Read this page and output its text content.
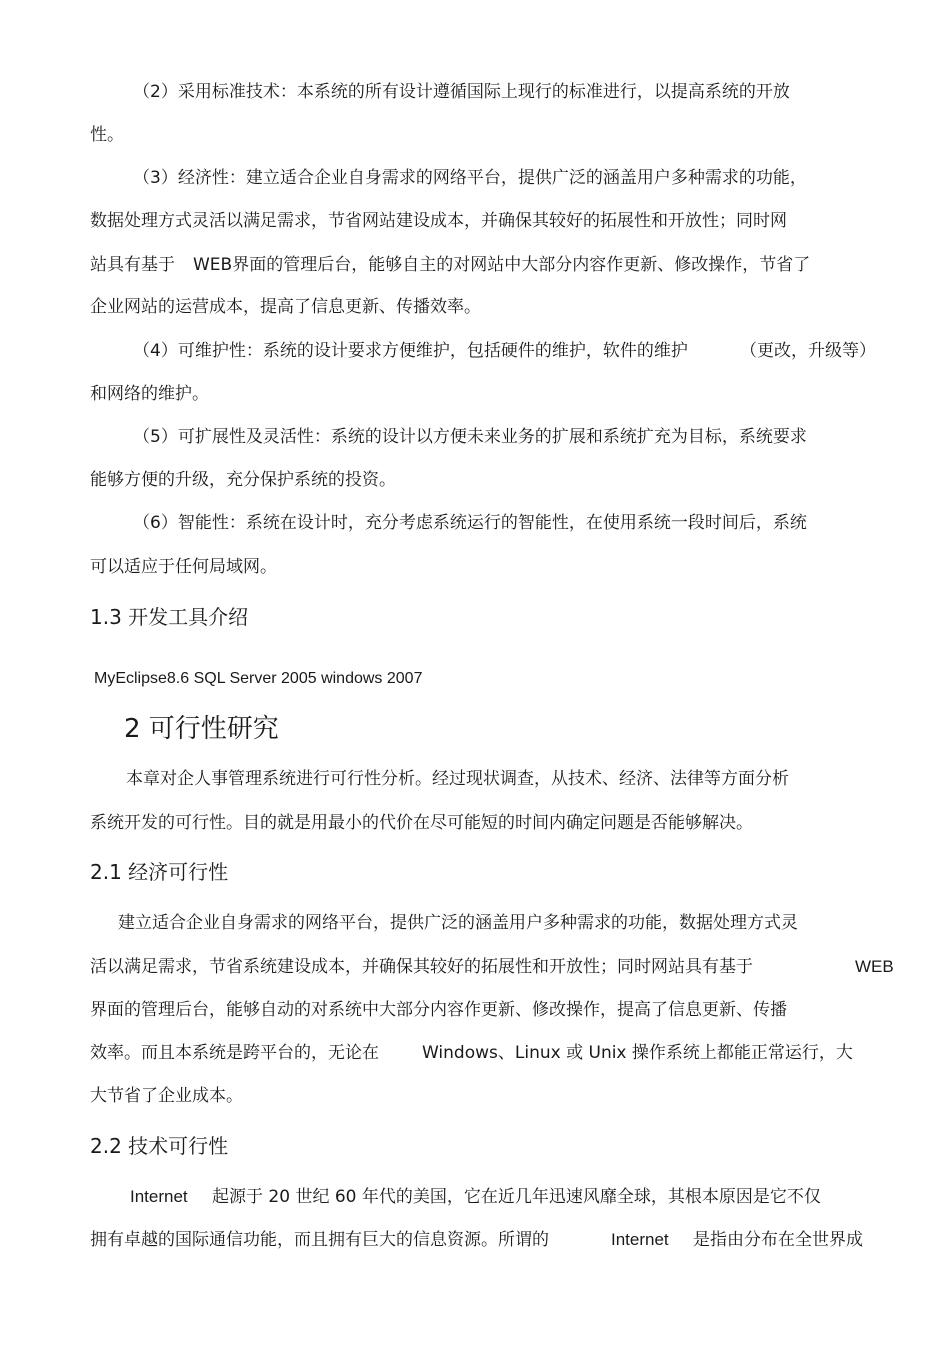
（2）采用标准技术：本系统的所有设计遵循国际上现行的标准进行，以提高系统的开放
性。
（3）经济性：建立适合企业自身需求的网络平台，提供广泛的涵盖用户多种需求的功能，
数据处理方式灵活以满足需求，节省网站建设成本，并确保其较好的拓展性和开放性；同时网
站具有基于 WEB界面的管理后台，能够自主的对网站中大部分内容作更新、修改操作，节省了
企业网站的运营成本，提高了信息更新、传播效率。
（4）可维护性：系统的设计要求方便维护，包括硬件的维护，软件的维护	（更改，升级等）
和网络的维护。
（5）可扩展性及灵活性：系统的设计以方便未来业务的扩展和系统扩充为目标，系统要求
能够方便的升级，充分保护系统的投资。
（6）智能性：系统在设计时，充分考虑系统运行的智能性，在使用系统一段时间后，系统
可以适应于任何局域网。
1.3 开发工具介绍
MyEclipse8.6 SQL Server 2005 windows 2007
2 可行性研究
本章对企人事管理系统进行可行性分析。经过现状调查，从技术、经济、法律等方面分析
系统开发的可行性。目的就是用最小的代价在尽可能短的时间内确定问题是否能够解决。
2.1 经济可行性
建立适合企业自身需求的网络平台，提供广泛的涵盖用户多种需求的功能，数据处理方式灵
活以满足需求，节省系统建设成本，并确保其较好的拓展性和开放性；同时网站具有基于	WEB
界面的管理后台，能够自动的对系统中大部分内容作更新、修改操作，提高了信息更新、传播
效率。而且本系统是跨平台的，无论在	Windows、Linux 或 Unix 操作系统上都能正常运行，大
大节省了企业成本。
2.2 技术可行性
Internet 起源于 20 世纪 60 年代的美国，它在近几年迅速风靡全球，其根本原因是它不仅
拥有卓越的国际通信功能，而且拥有巨大的信息资源。所谓的	Internet 是指由分布在全世界成
